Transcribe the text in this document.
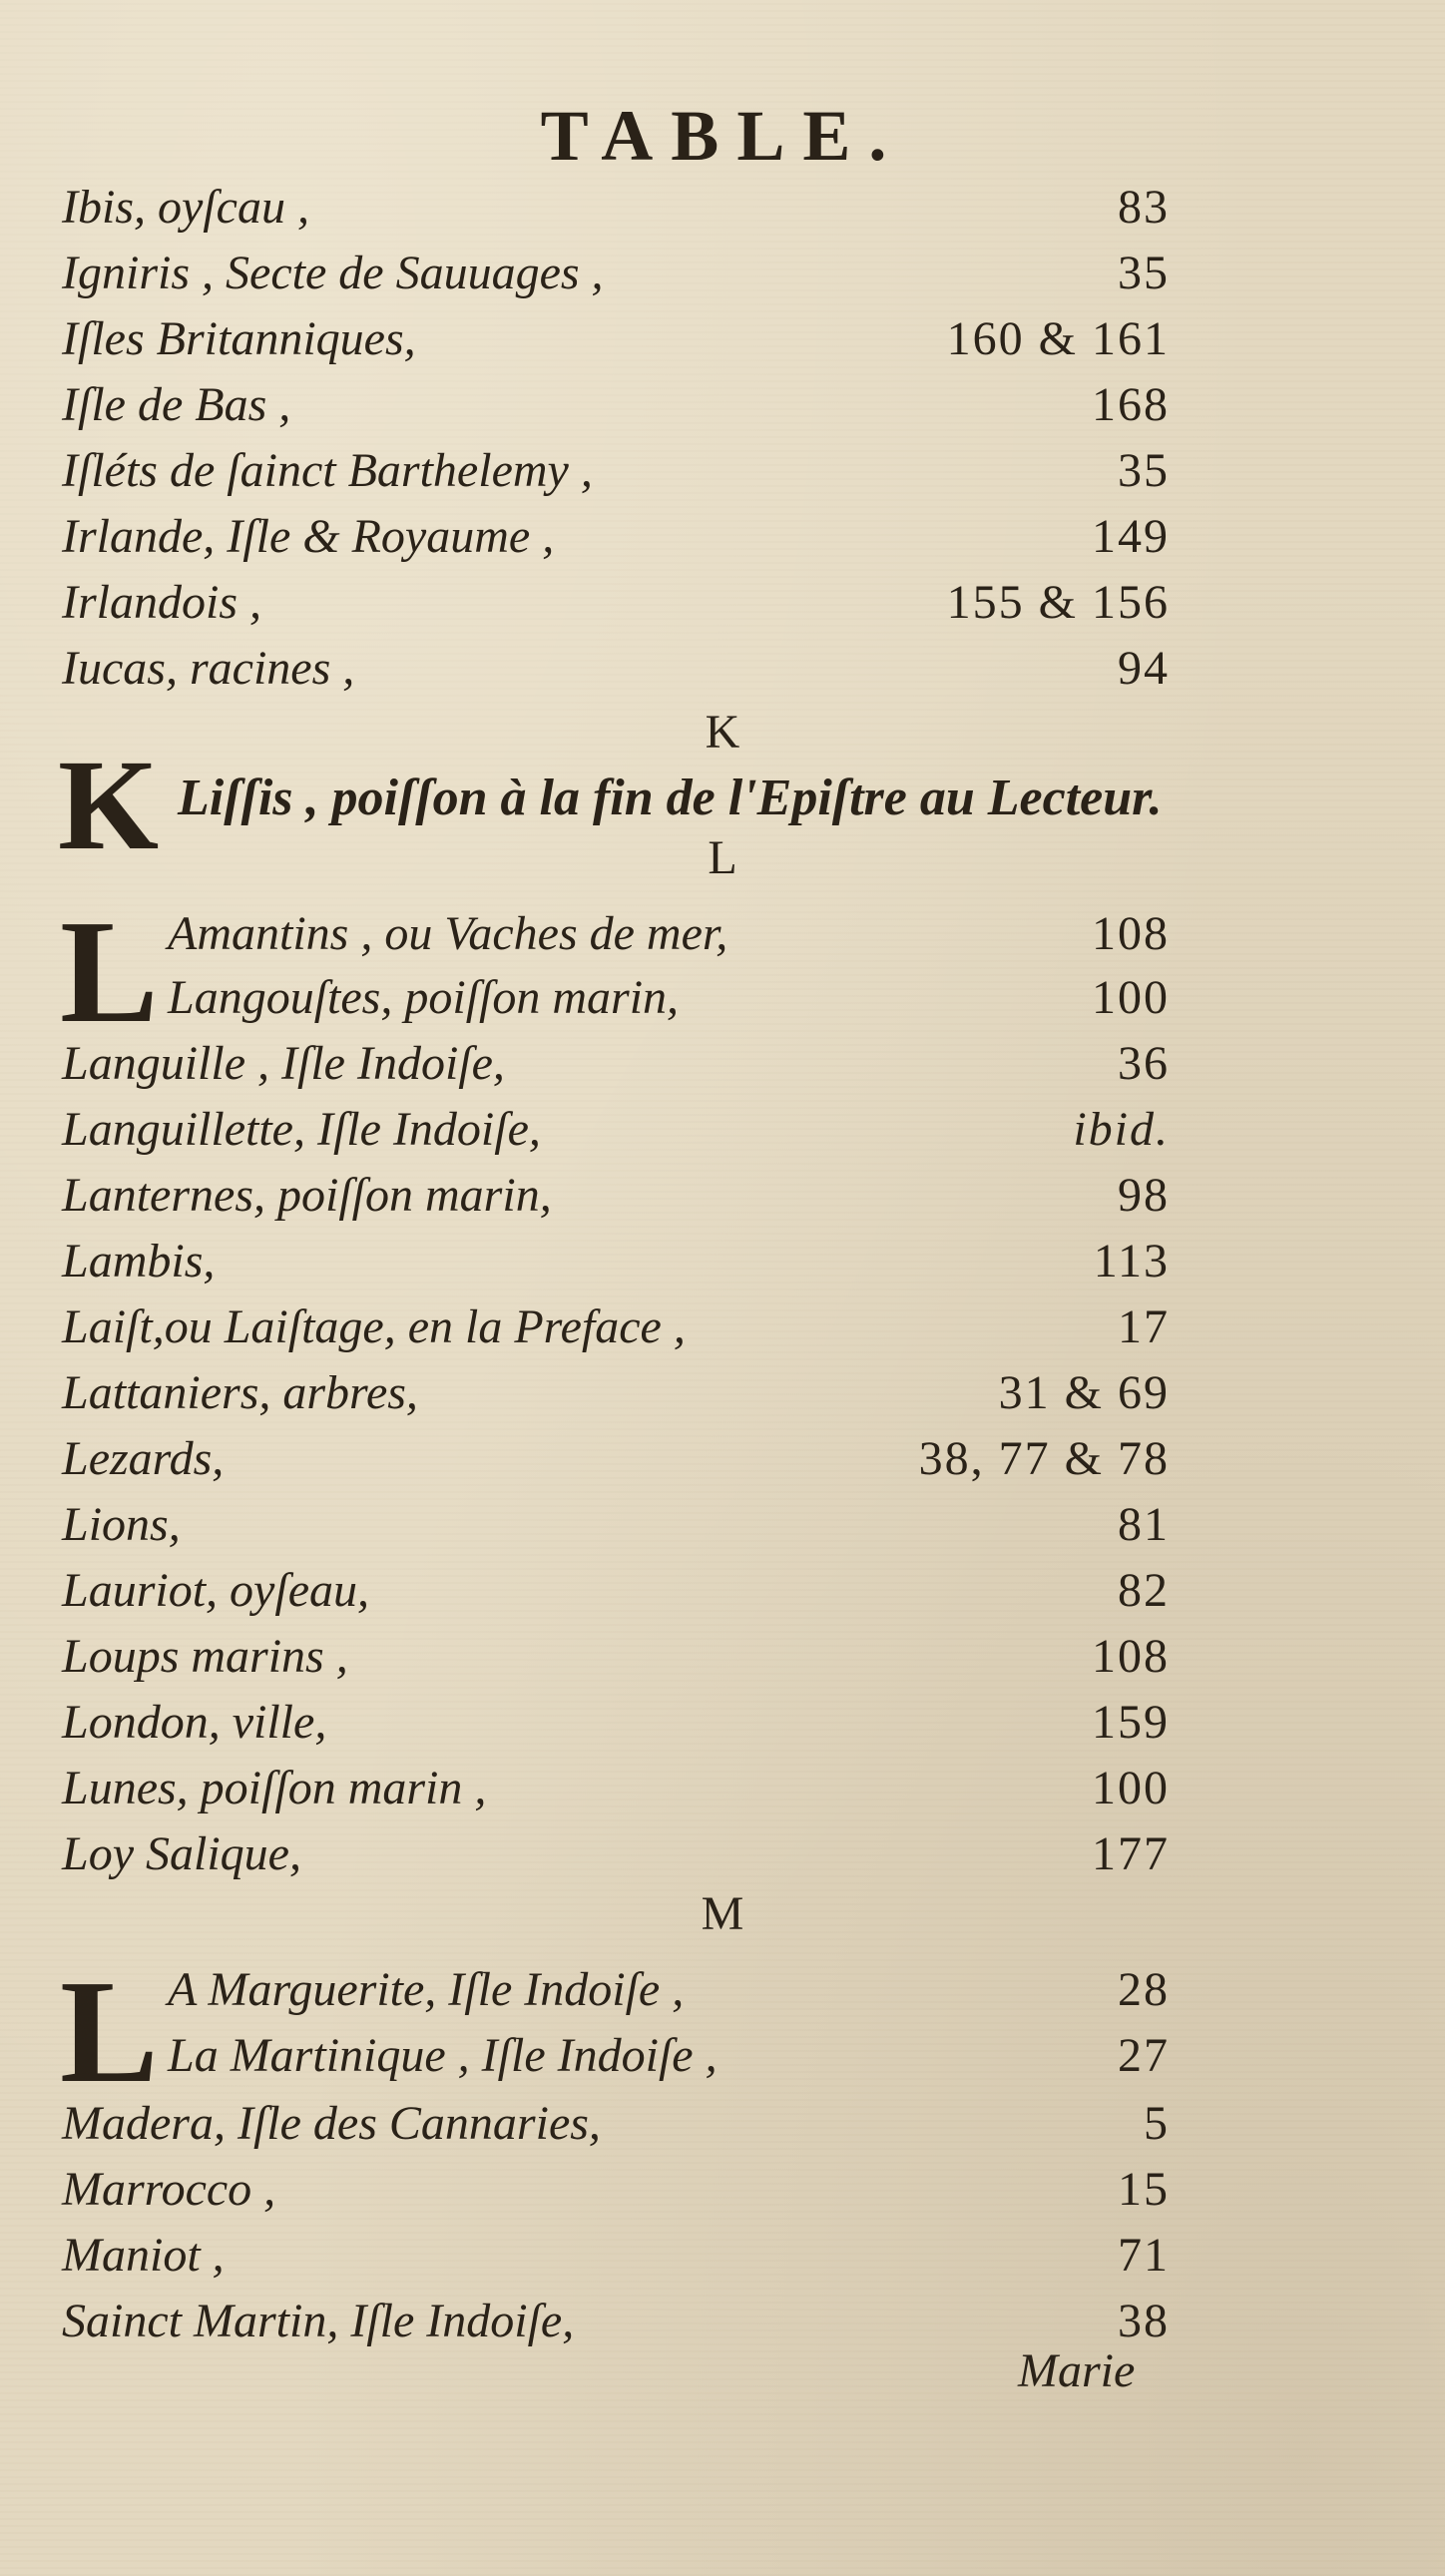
TABLE.
Ibis, oyſcau ,	83
Igniris , Secte de Sauuages ,	35
Iſles Britanniques,	160 & 161
Iſle de Bas ,	168
Iſléts de ſainct Barthelemy ,	35
Irlande, Iſle & Royaume ,	149
Irlandois ,	155 & 156
Iucas, racines ,	94

K

K Liſſis , poiſſon à la fin de l'Epiſtre au Lecteur.

L

L Amantins , ou Vaches de mer,	108
Langouſtes, poiſſon marin,	100
Languille , Iſle Indoiſe,	36
Languillette, Iſle Indoiſe,	ibid.
Lanternes, poiſſon marin,	98
Lambis,	113
Laiſt,ou Laiſtage, en la Preface ,	17
Lattaniers, arbres,	31 & 69
Lezards,	38, 77 & 78
Lions,	81
Lauriot, oyſeau,	82
Loups marins ,	108
London, ville,	159
Lunes, poiſſon marin ,	100
Loy Salique,	177

M

L A Marguerite, Iſle Indoiſe ,	28
La Martinique , Iſle Indoiſe ,	27
Madera, Iſle des Cannaries,	5
Marrocco ,	15
Maniot ,	71
Sainct Martin, Iſle Indoiſe,	38
Marie
